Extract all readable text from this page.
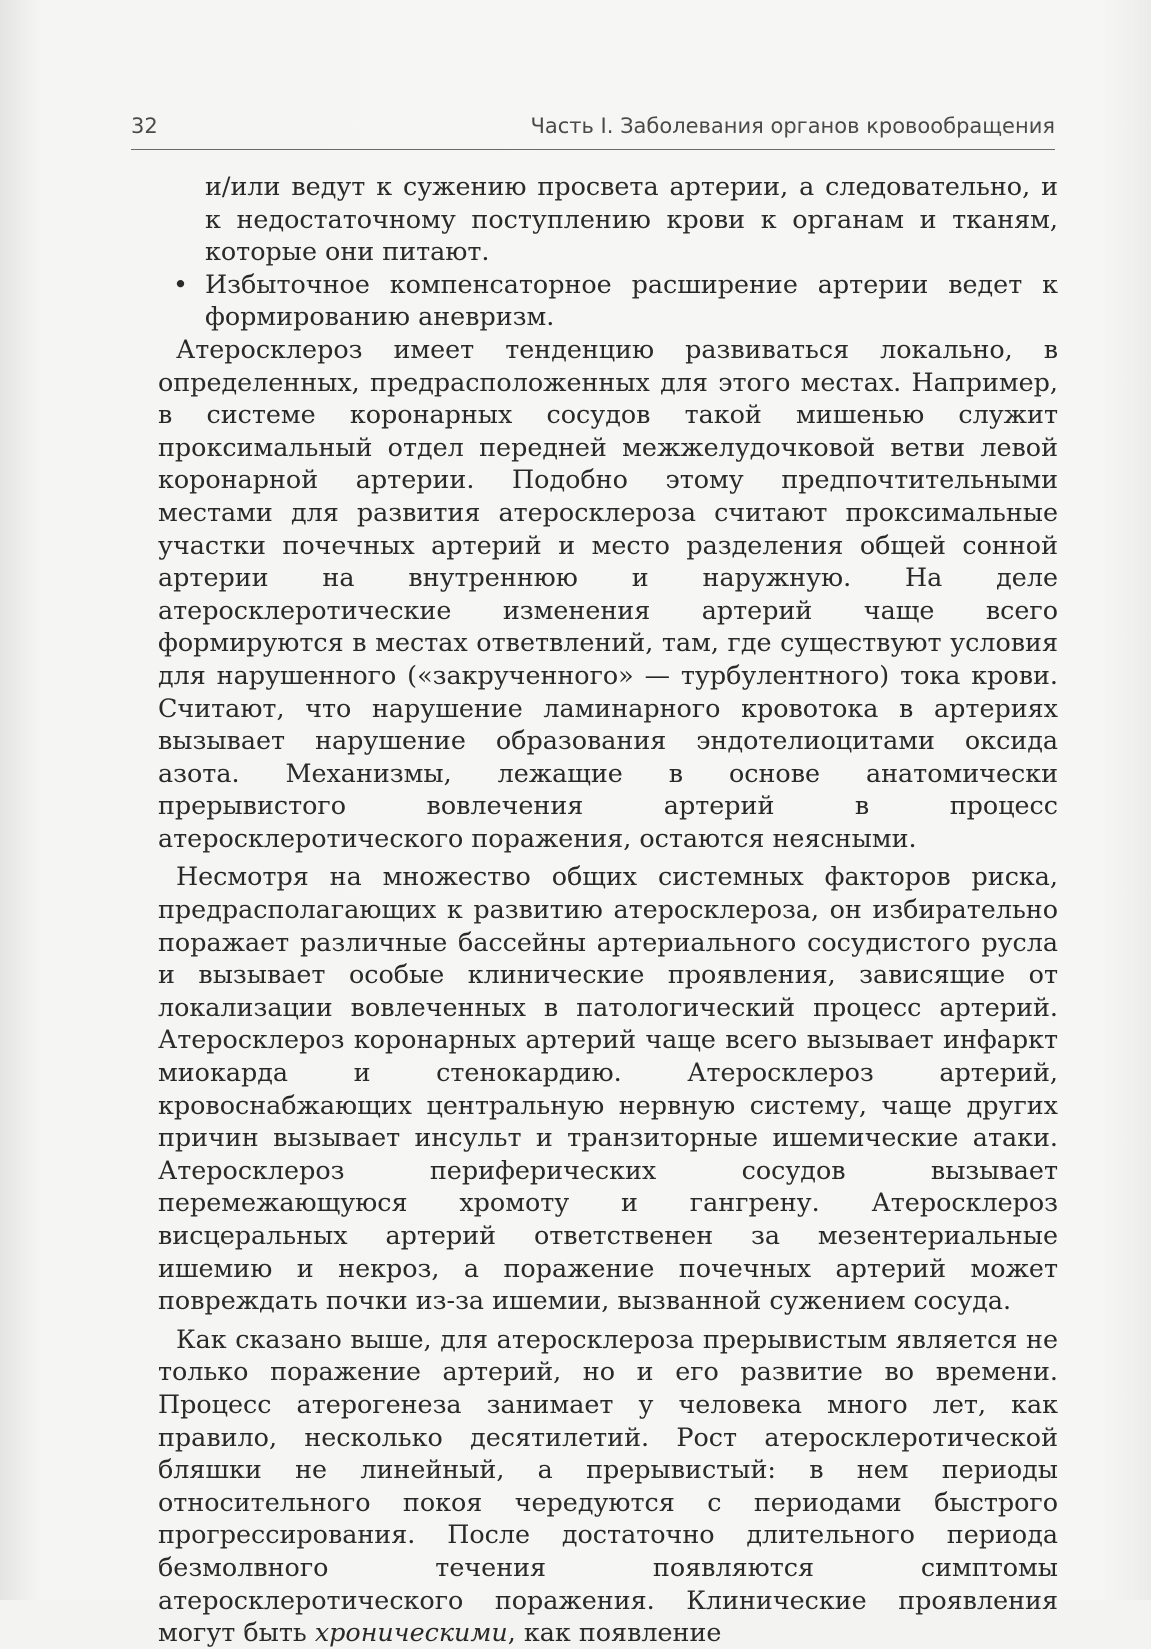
32	Часть I. Заболевания органов кровообращения

и/или ведут к сужению просвета артерии, а следовательно, и к недостаточному поступлению крови к органам и тканям, которые они питают.

• Избыточное компенсаторное расширение артерии ведет к формированию аневризм.

Атеросклероз имеет тенденцию развиваться локально, в определенных, предрасположенных для этого местах. Например, в системе коронарных сосудов такой мишенью служит проксимальный отдел передней межжелудочковой ветви левой коронарной артерии. Подобно этому предпочтительными местами для развития атеросклероза считают проксимальные участки почечных артерий и место разделения общей сонной артерии на внутреннюю и наружную. На деле атеросклеротические изменения артерий чаще всего формируются в местах ответвлений, там, где существуют условия для нарушенного («закрученного» — турбулентного) тока крови. Считают, что нарушение ламинарного кровотока в артериях вызывает нарушение образования эндотелиоцитами оксида азота. Механизмы, лежащие в основе анатомически прерывистого вовлечения артерий в процесс атеросклеротического поражения, остаются неясными.

Несмотря на множество общих системных факторов риска, предрасполагающих к развитию атеросклероза, он избирательно поражает различные бассейны артериального сосудистого русла и вызывает особые клинические проявления, зависящие от локализации вовлеченных в патологический процесс артерий. Атеросклероз коронарных артерий чаще всего вызывает инфаркт миокарда и стенокардию. Атеросклероз артерий, кровоснабжающих центральную нервную систему, чаще других причин вызывает инсульт и транзиторные ишемические атаки. Атеросклероз периферических сосудов вызывает перемежающуюся хромоту и гангрену. Атеросклероз висцеральных артерий ответственен за мезентериальные ишемию и некроз, а поражение почечных артерий может повреждать почки из-за ишемии, вызванной сужением сосуда.

Как сказано выше, для атеросклероза прерывистым является не только поражение артерий, но и его развитие во времени. Процесс атерогенеза занимает у человека много лет, как правило, несколько десятилетий. Рост атеросклеротической бляшки не линейный, а прерывистый: в нем периоды относительного покоя чередуются с периодами быстрого прогрессирования. После достаточно длительного периода безмолвного течения появляются симптомы атеросклеротического поражения. Клинические проявления могут быть хроническими, как появление
